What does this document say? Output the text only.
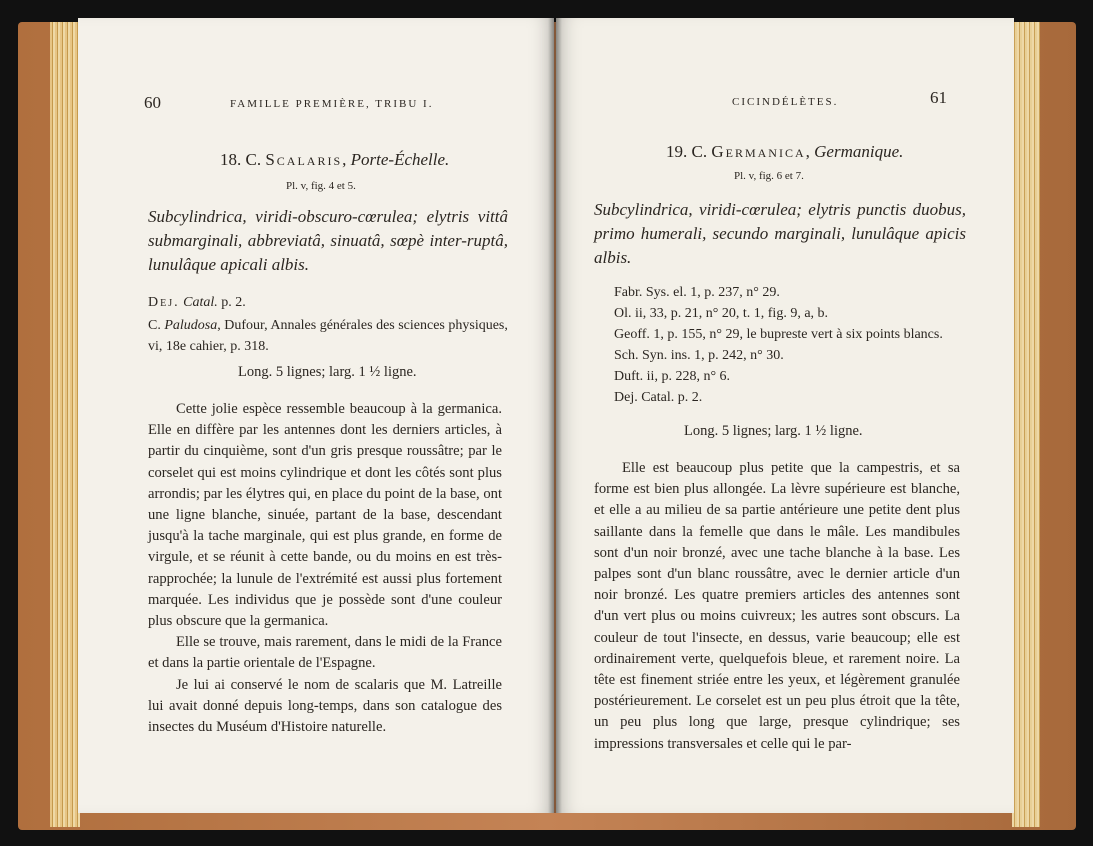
60	FAMILLE PREMIÈRE, TRIBU I.
18. C. Scalaris, Porte-Échelle.
Pl. v, fig. 4 et 5.
Subcylindrica, viridi-obscuro-cœrulea; elytris vittâ submarginali, abbreviatâ, sinuatâ, sœpè inter-ruptâ, lunulâque apicali albis.
Dej. Catal. p. 2.
C. Paludosa, Dufour, Annales générales des sciences physiques, vi, 18e cahier, p. 318.
Long. 5 lignes; larg. 1 ½ ligne.

Cette jolie espèce ressemble beaucoup à la germanica. Elle en diffère par les antennes dont les derniers articles, à partir du cinquième, sont d'un gris presque roussâtre; par le corselet qui est moins cylindrique et dont les côtés sont plus arrondis; par les élytres qui, en place du point de la base, ont une ligne blanche, sinuée, partant de la base, descendant jusqu'à la tache marginale, qui est plus grande, en forme de virgule, et se réunit à cette bande, ou du moins en est très-rapprochée; la lunule de l'extrémité est aussi plus fortement marquée. Les individus que je possède sont d'une couleur plus obscure que la germanica.

Elle se trouve, mais rarement, dans le midi de la France et dans la partie orientale de l'Espagne.

Je lui ai conservé le nom de scalaris que M. Latreille lui avait donné depuis long-temps, dans son catalogue des insectes du Muséum d'Histoire naturelle.

CICINDÉLÈTES.	61
19. C. Germanica, Germanique.
Pl. v, fig. 6 et 7.
Subcylindrica, viridi-cœrulea; elytris punctis duobus, primo humerali, secundo marginali, lunulâque apicis albis.
Fabr. Sys. el. 1, p. 237, n° 29.
Ol. ii, 33, p. 21, n° 20, t. 1, fig. 9, a, b.
Geoff. 1, p. 155, n° 29, le bupreste vert à six points blancs.
Sch. Syn. ins. 1, p. 242, n° 30.
Duft. ii, p. 228, n° 6.
Dej. Catal. p. 2.
Long. 5 lignes; larg. 1 ½ ligne.

Elle est beaucoup plus petite que la campestris, et sa forme est bien plus allongée. La lèvre supérieure est blanche, et elle a au milieu de sa partie antérieure une petite dent plus saillante dans la femelle que dans le mâle. Les mandibules sont d'un noir bronzé, avec une tache blanche à la base. Les palpes sont d'un blanc roussâtre, avec le dernier article d'un noir bronzé. Les quatre premiers articles des antennes sont d'un vert plus ou moins cuivreux; les autres sont obscurs. La couleur de tout l'insecte, en dessus, varie beaucoup; elle est ordinairement verte, quelquefois bleue, et rarement noire. La tête est finement striée entre les yeux, et légèrement granulée postérieurement. Le corselet est un peu plus étroit que la tête, un peu plus long que large, presque cylindrique; ses impressions transversales et celle qui le par-
